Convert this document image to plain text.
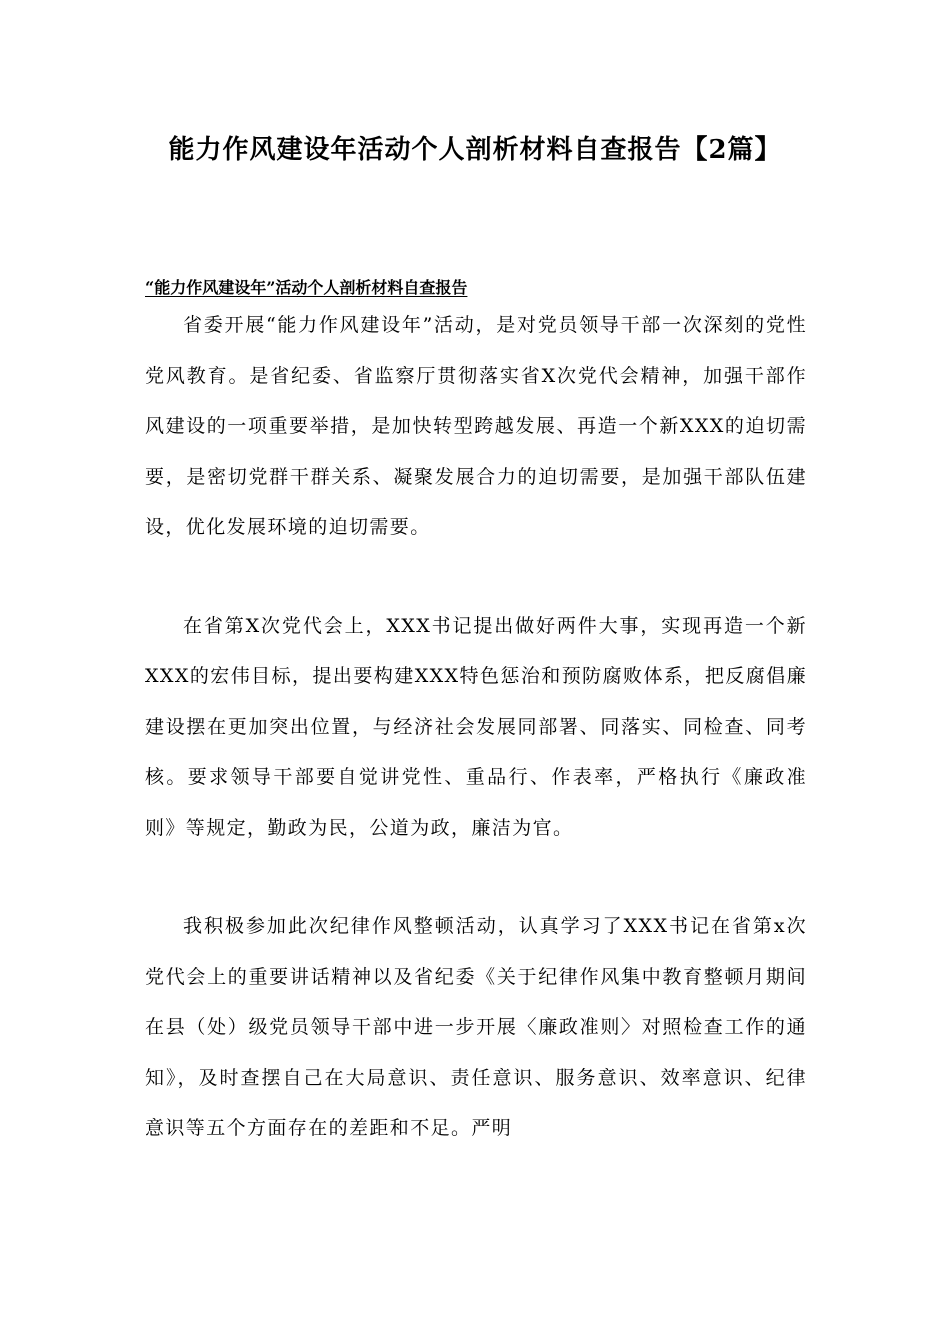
能力作风建设年活动个人剖析材料自查报告【2篇】
“能力作风建设年”活动个人剖析材料自查报告

省委开展“能力作风建设年”活动，是对党员领导干部一次深刻的党性党风教育。是省纪委、省监察厅贯彻落实省X次党代会精神，加强干部作风建设的一项重要举措，是加快转型跨越发展、再造一个新XXX的迫切需要，是密切党群干群关系、凝聚发展合力的迫切需要，是加强干部队伍建设，优化发展环境的迫切需要。

在省第X次党代会上，XXX书记提出做好两件大事，实现再造一个新XXX的宏伟目标，提出要构建XXX特色惩治和预防腐败体系，把反腐倡廉建设摆在更加突出位置，与经济社会发展同部署、同落实、同检查、同考核。要求领导干部要自觉讲党性、重品行、作表率，严格执行《廉政准则》等规定，勤政为民，公道为政，廉洁为官。

我积极参加此次纪律作风整顿活动，认真学习了XXX书记在省第x次党代会上的重要讲话精神以及省纪委《关于纪律作风集中教育整顿月期间在县（处）级党员领导干部中进一步开展〈廉政准则〉对照检查工作的通知》，及时查摆自己在大局意识、责任意识、服务意识、效率意识、纪律意识等五个方面存在的差距和不足。严明
